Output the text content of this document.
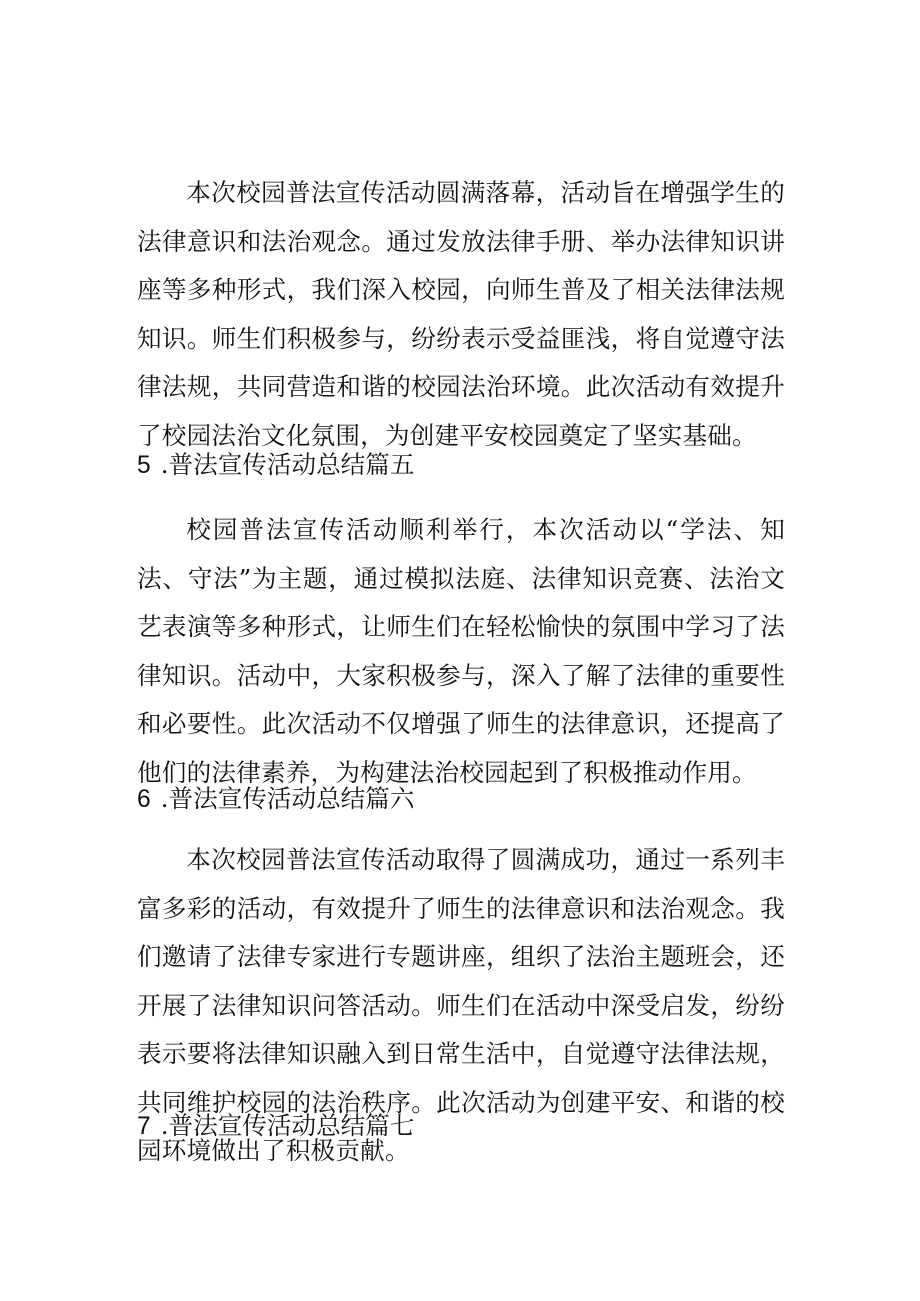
本次校园普法宣传活动圆满落幕，活动旨在增强学生的法律意识和法治观念。通过发放法律手册、举办法律知识讲座等多种形式，我们深入校园，向师生普及了相关法律法规知识。师生们积极参与，纷纷表示受益匪浅，将自觉遵守法律法规，共同营造和谐的校园法治环境。此次活动有效提升了校园法治文化氛围，为创建平安校园奠定了坚实基础。

5 .普法宣传活动总结篇五

校园普法宣传活动顺利举行，本次活动以“学法、知法、守法”为主题，通过模拟法庭、法律知识竞赛、法治文艺表演等多种形式，让师生们在轻松愉快的氛围中学习了法律知识。活动中，大家积极参与，深入了解了法律的重要性和必要性。此次活动不仅增强了师生的法律意识，还提高了他们的法律素养，为构建法治校园起到了积极推动作用。

6 .普法宣传活动总结篇六

本次校园普法宣传活动取得了圆满成功，通过一系列丰富多彩的活动，有效提升了师生的法律意识和法治观念。我们邀请了法律专家进行专题讲座，组织了法治主题班会，还开展了法律知识问答活动。师生们在活动中深受启发，纷纷表示要将法律知识融入到日常生活中，自觉遵守法律法规，共同维护校园的法治秩序。此次活动为创建平安、和谐的校园环境做出了积极贡献。

7 .普法宣传活动总结篇七
